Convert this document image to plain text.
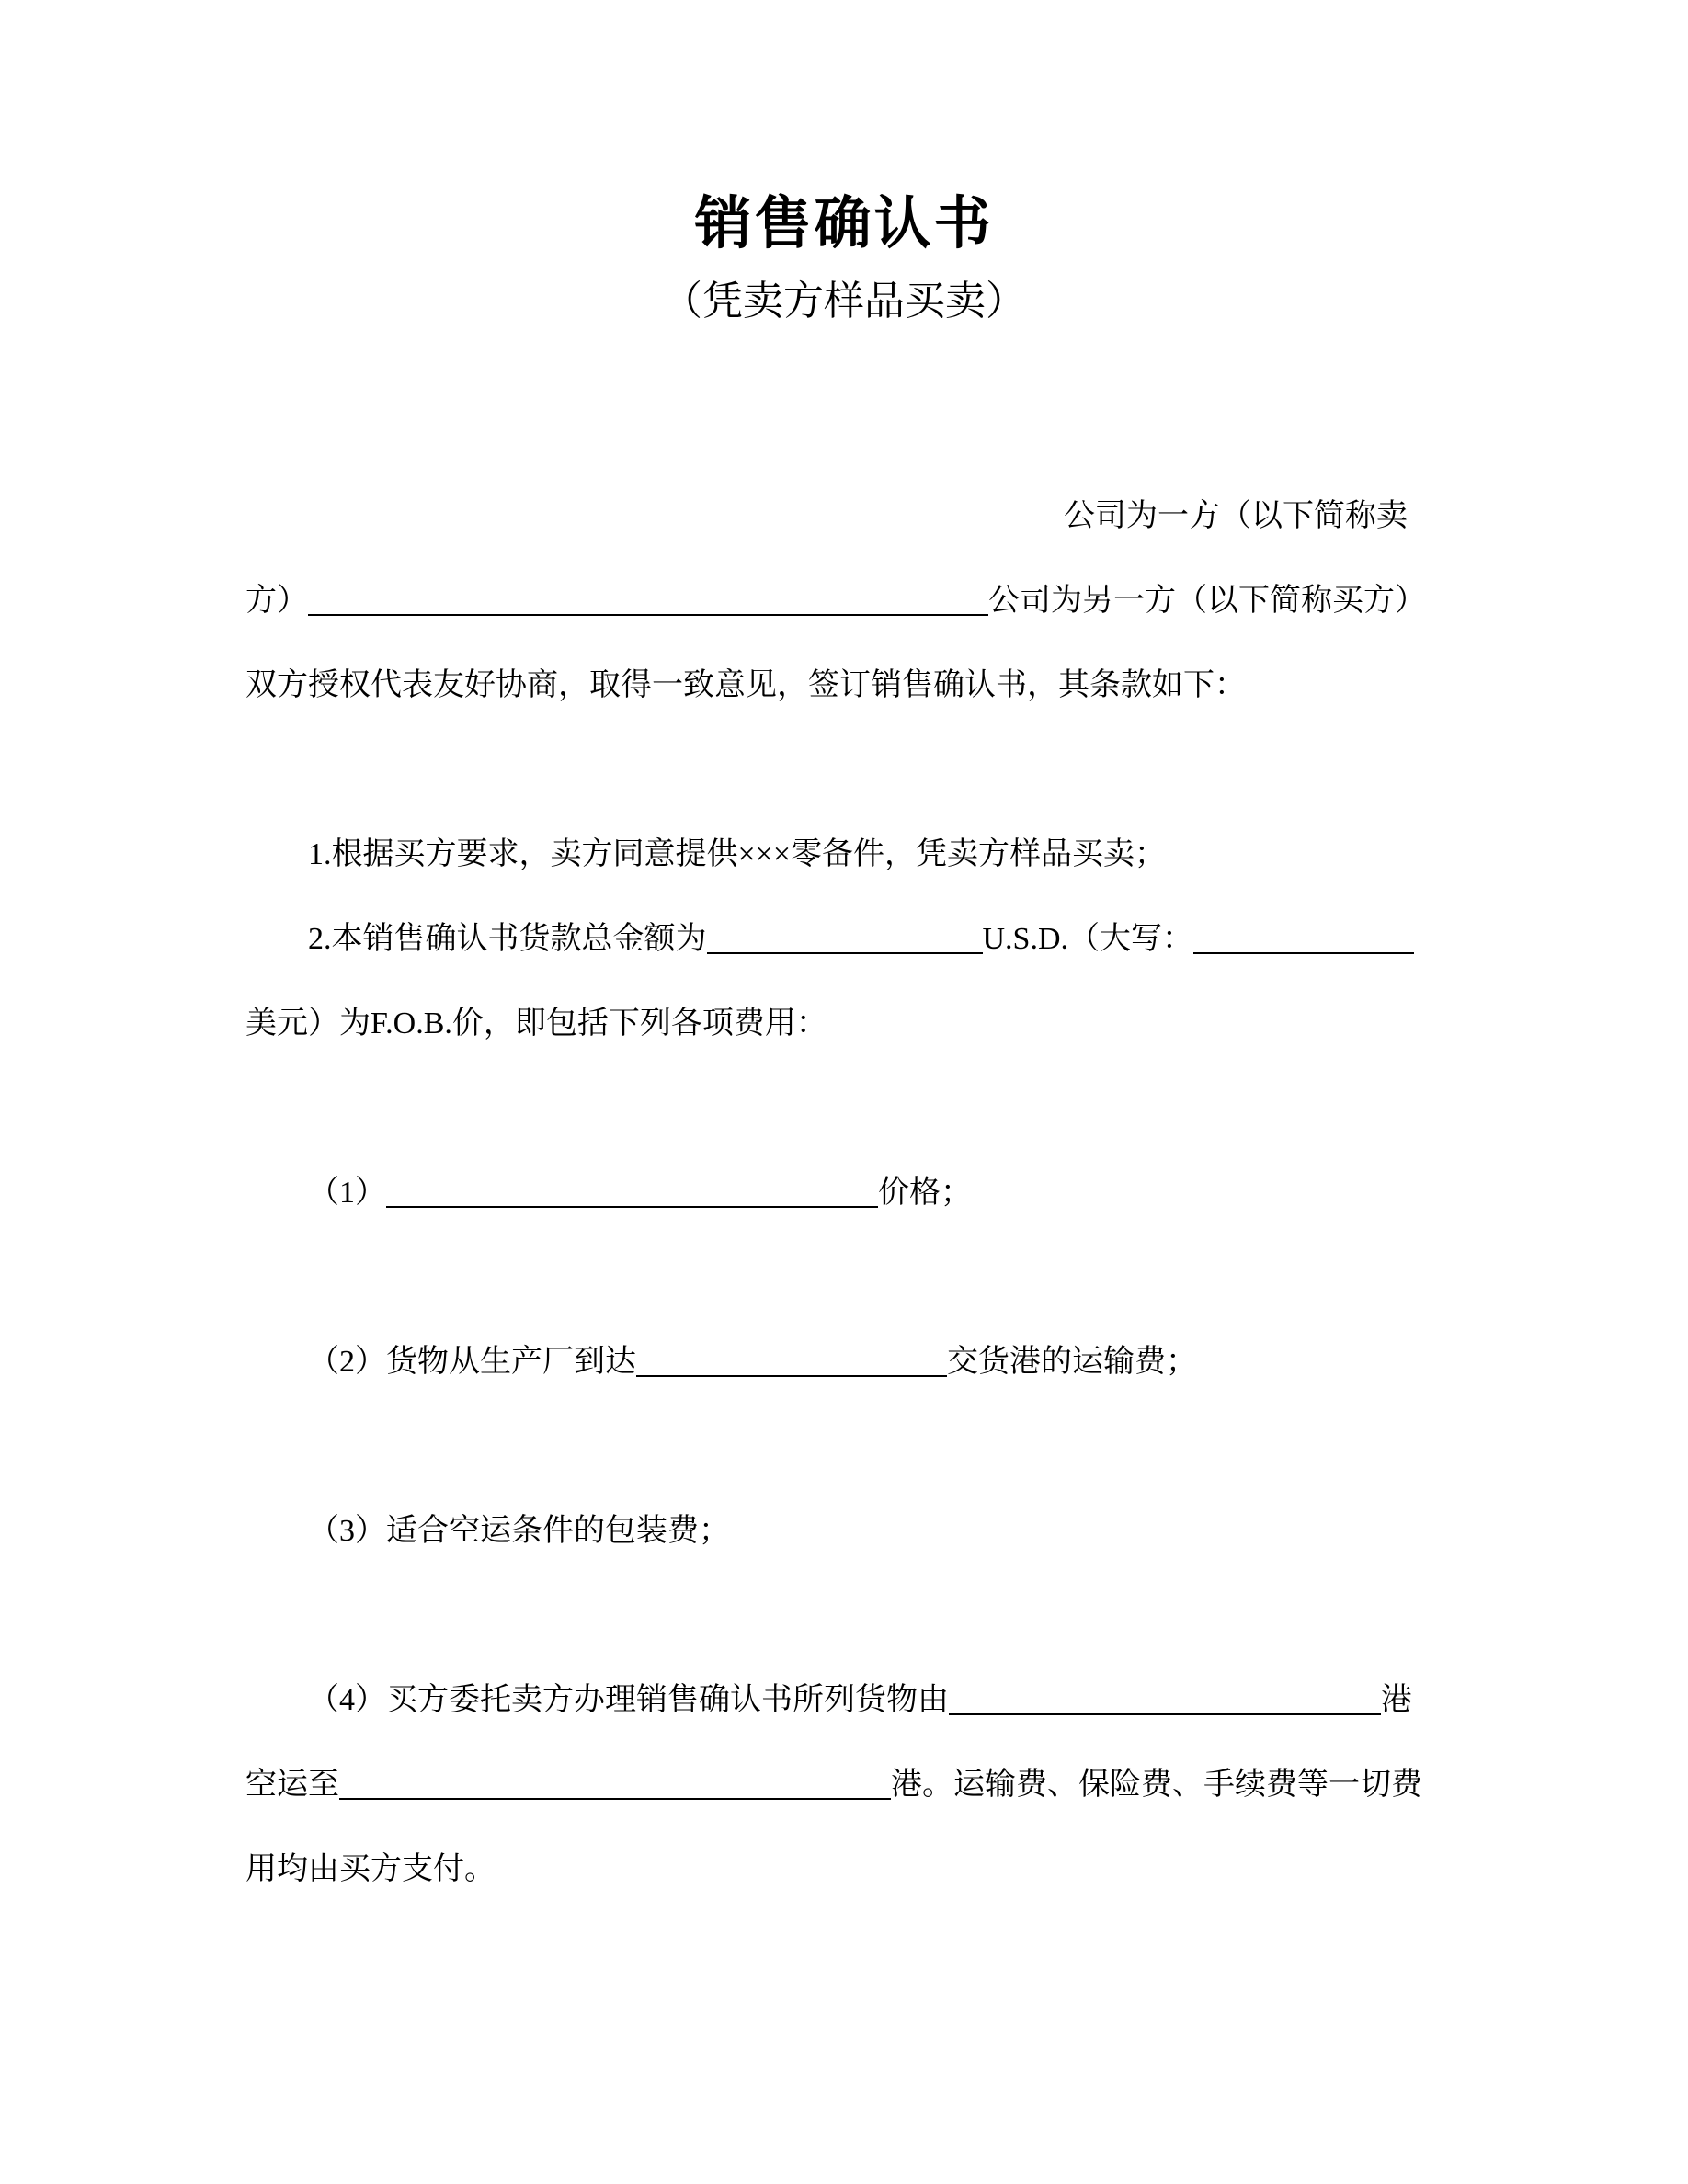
销售确认书
（凭卖方样品买卖）

公司为一方（以下简称卖
方）	公司为另一方（以下简称买方）
双方授权代表友好协商，取得一致意见，签订销售确认书，其条款如下：

1.根据买方要求，卖方同意提供×××零备件，凭卖方样品买卖；

2.本销售确认书货款总金额为	U.S.D.（大写：
美元）为F.O.B.价，即包括下列各项费用：

（1）	价格；

（2）货物从生产厂到达	交货港的运输费；

（3）适合空运条件的包装费；

（4）买方委托卖方办理销售确认书所列货物由	港
空运至	港。运输费、保险费、手续费等一切费
用均由买方支付。
